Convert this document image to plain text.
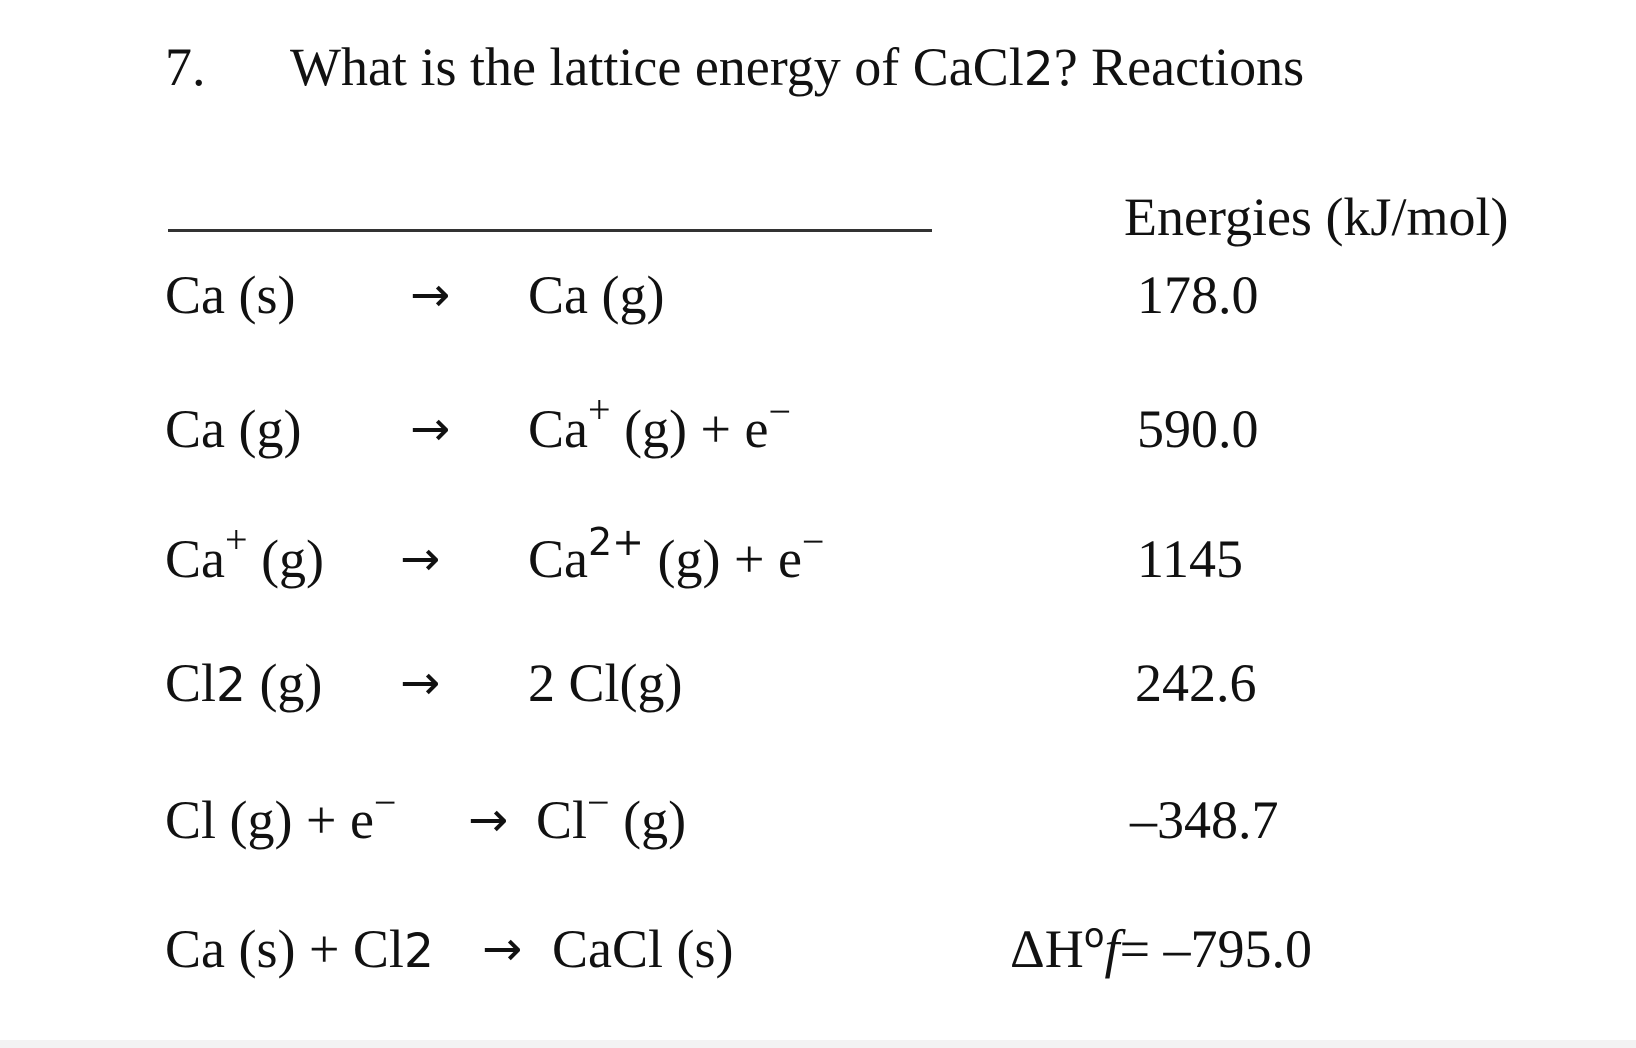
7. What is the lattice energy of CaCl2? Reactions
Energies (kJ/mol)
Ca (s) → Ca (g)	178.0
Ca (g) → Ca+ (g) + e−	590.0
Ca+ $(g) \to Ca^{2+}$ (g) + e−	1145
Cl2 (g) → 2 Cl(g)	242.6
Cl (g) + e− → Cl− (g)	–348.7
Ca (s) + Cl2 → CaCl (s)	$\Delta H^of= -795.0$
